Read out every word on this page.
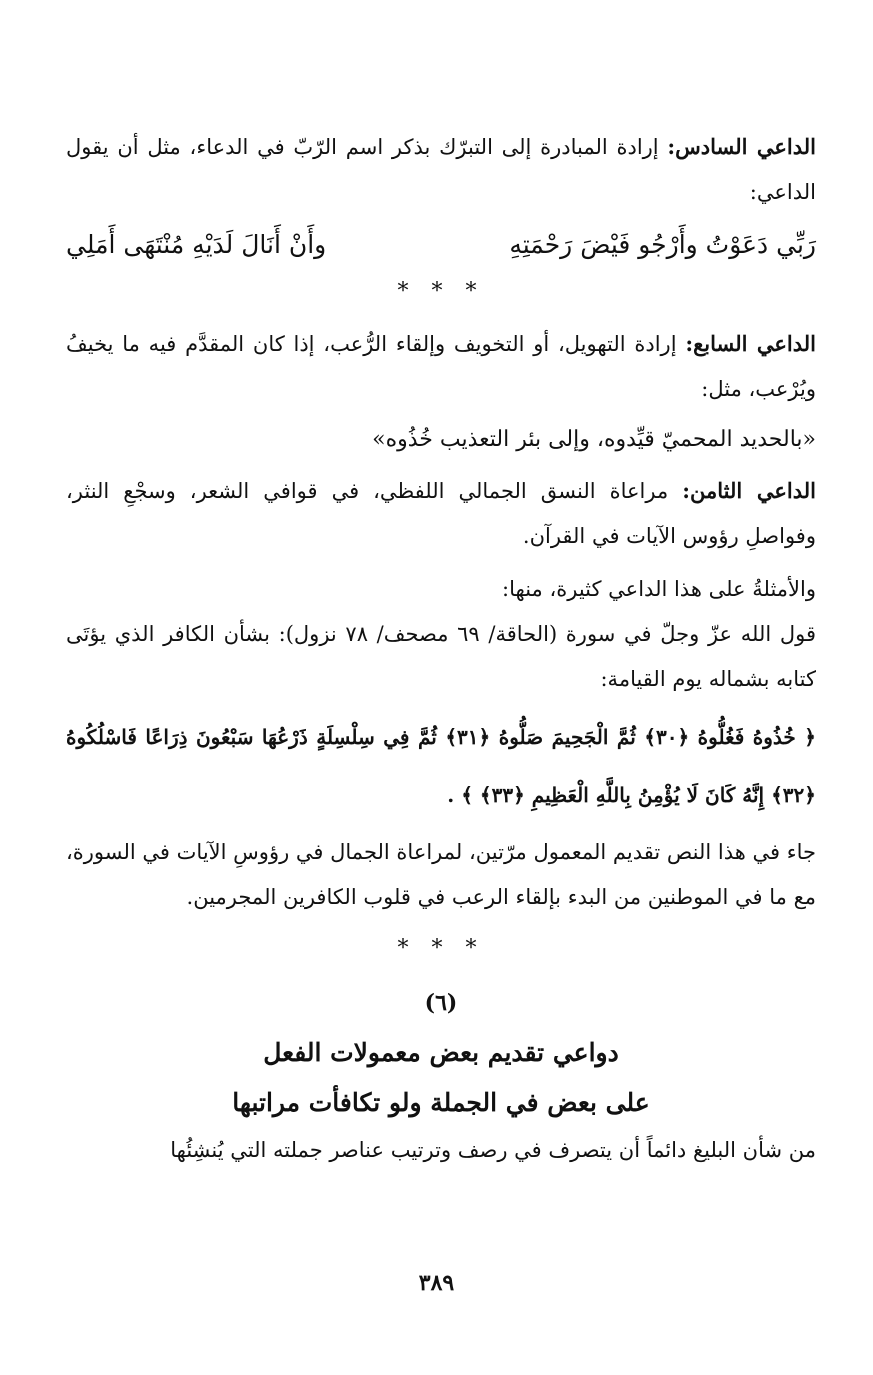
الداعي السادس: إرادة المبادرة إلى التبرّك بذكر اسم الرّبّ في الدعاء، مثل أن يقول الداعي:

رَبِّي دَعَوْتُ وأَرْجُو فَيْضَ رَحْمَتِهِ
وأَنْ أَنَالَ لَدَيْهِ مُنْتَهَى أَمَلِي
* * *

الداعي السابع: إرادة التهويل، أو التخويف وإلقاء الرُّعب، إذا كان المقدَّم فيه ما يخيفُ ويُرْعب، مثل:

«بالحديد المحميّ قيِّدوه، وإلى بئر التعذيب خُذُوه»

الداعي الثامن: مراعاة النسق الجمالي اللفظي، في قوافي الشعر، وسجْعِ النثر، وفواصلِ رؤوس الآيات في القرآن.

والأمثلةُ على هذا الداعي كثيرة، منها:

قول الله عزّ وجلّ في سورة (الحاقة/ ٦٩ مصحف/ ٧٨ نزول): بشأن الكافر الذي يؤتَى كتابه بشماله يوم القيامة:

﴿ خُذُوهُ فَغُلُّوهُ ﴿٣٠﴾ ثُمَّ الْجَحِيمَ صَلُّوهُ ﴿٣١﴾ ثُمَّ فِي سِلْسِلَةٍ ذَرْعُهَا سَبْعُونَ ذِرَاعًا فَاسْلُكُوهُ ﴿٣٢﴾ إِنَّهُ كَانَ لَا يُؤْمِنُ بِاللَّهِ الْعَظِيمِ ﴿٣٣﴾ ﴾ .

جاء في هذا النص تقديم المعمول مرّتين، لمراعاة الجمال في رؤوسِ الآيات في السورة، مع ما في الموطنين من البدء بإلقاء الرعب في قلوب الكافرين المجرمين.

* * *
(٦)
دواعي تقديم بعض معمولات الفعل
على بعض في الجملة ولو تكافأت مراتبها

من شأن البليغ دائماً أن يتصرف في رصف وترتيب عناصر جملته التي يُنشِئُها

٣٨٩
